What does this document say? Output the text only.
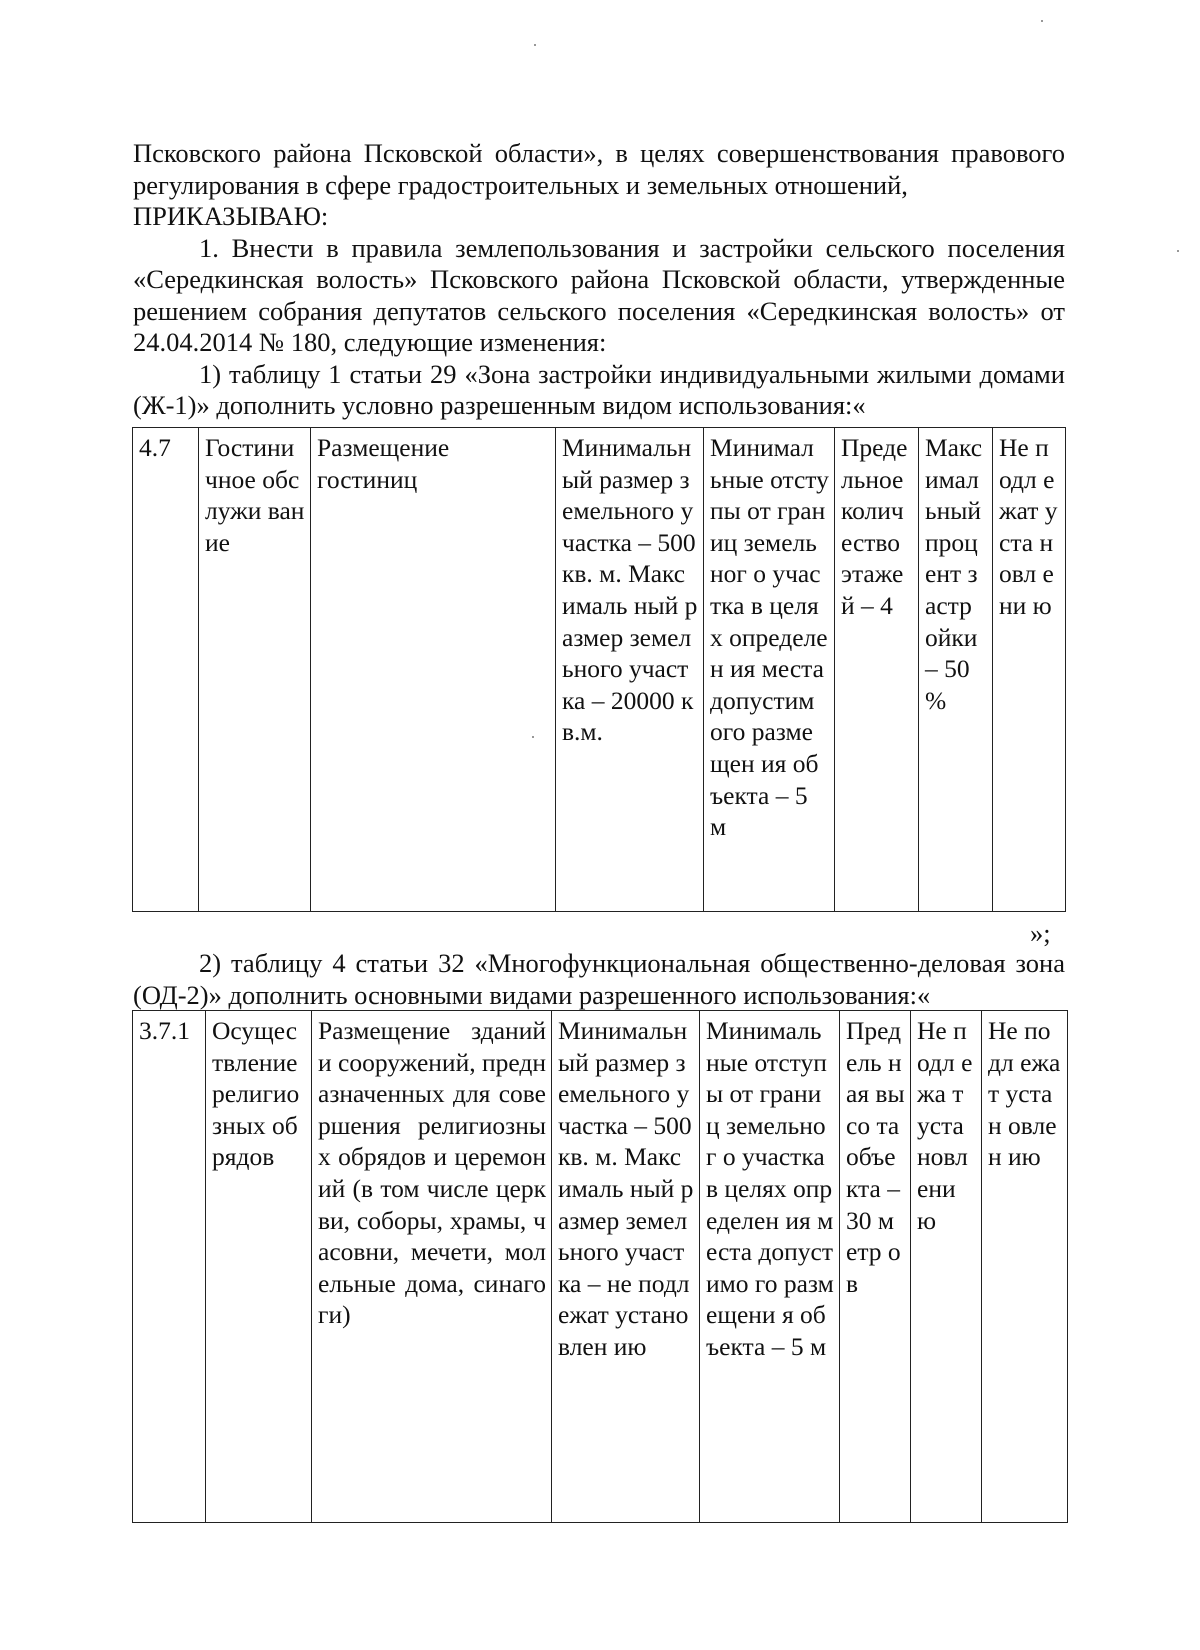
Псковского района Псковской области», в целях совершенствования правового

регулирования в сфере градостроительных и земельных отношений,

ПРИКАЗЫВАЮ:

1. Внести в правила землепользования и застройки сельского поселения «Середкинская волость» Псковского района Псковской области, утвержденные решением собрания депутатов сельского поселения «Середкинская волость» от 24.04.2014 № 180, следующие изменения:

1) таблицу 1 статьи 29 «Зона застройки индивидуальными жилыми домами (Ж-1)» дополнить условно разрешенным видом использования:«

4.7	Гостини чное обслужи вание	Размещение гостиниц	Минимальн ый размер земельного участка – 500 кв. м. Максималь ный размер земельного участка – 20000 кв.м.	Минимал ьные отступы от границ земельног о участка в целях определен ия места допустим ого размещен ия объекта – 5 м	Преде льное колич ество этаже й – 4	Макс имал ьный проц ент застр ойки – 50 %	Не подл ежат уста новл ени ю
»;

2) таблицу 4 статьи 32 «Многофункциональная общественно-деловая зона (ОД-2)» дополнить основными видами разрешенного использования:«

3.7.1	Осущес твление религио зных обрядов	Размещение зданий и сооружений, предназначенных для совершения религиозных обрядов и церемоний (в том числе церкви, соборы, храмы, часовни, мечети, молельные дома, синагоги)	Минимальн ый размер земельного участка – 500 кв. м. Максималь ный размер земельного участка – не подлежат установлен ию	Минималь ные отступы от границ земельног о участка в целях определен ия места допустимо го размещени я объекта – 5 м	Пред ель ная высо та объе кта – 30 метр ов	Не подл ежа т уста новл ени ю	Не подл ежат устан овлен ию
